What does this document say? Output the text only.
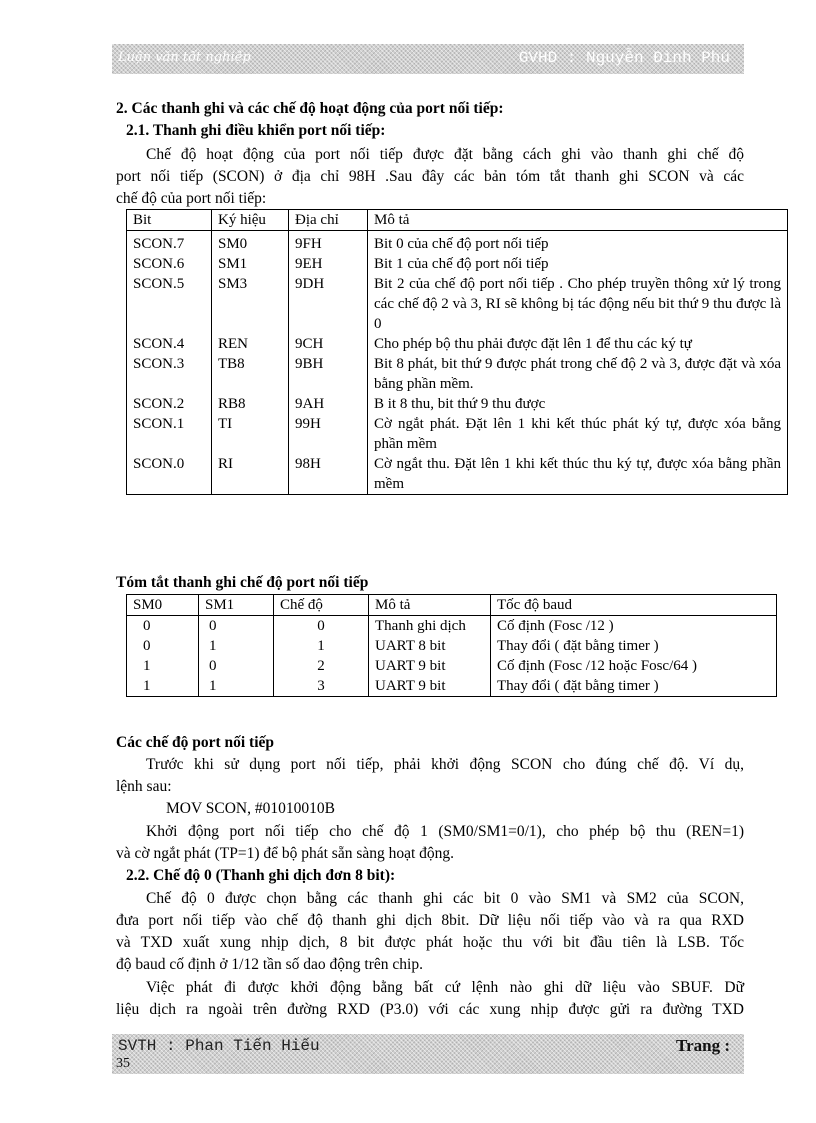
Luận văn tốt nghiệp	GVHD : Nguyễn Đình Phú
2. Các thanh ghi và các chế độ hoạt động của port nối tiếp:
2.1. Thanh ghi điều khiển port nối tiếp:
Chế độ hoạt động của port nối tiếp được đặt bằng cách ghi vào thanh ghi chế độ
port nối tiếp (SCON) ở địa chỉ 98H .Sau đây các bản tóm tắt thanh ghi SCON và các
chế độ của port nối tiếp:
Bit	Ký hiệu	Địa chỉ	Mô tả
SCON.7	SM0	9FH	Bit 0 của chế độ port nối tiếp
SCON.6	SM1	9EH	Bit 1 của chế độ port nối tiếp
SCON.5	SM3	9DH	Bit 2 của chế độ port nối tiếp . Cho phép truyền thông xử lý trong các chế độ 2 và 3, RI sẽ không bị tác động nếu bit thứ 9 thu được là 0
SCON.4	REN	9CH	Cho phép bộ thu phải được đặt lên 1 để thu các ký tự
SCON.3	TB8	9BH	Bit 8 phát, bit thứ 9 được phát trong chế độ 2 và 3, được đặt và xóa bằng phần mềm.
SCON.2	RB8	9AH	B it 8 thu, bit thứ 9 thu được
SCON.1	TI	99H	Cờ ngắt phát. Đặt lên 1 khi kết thúc phát ký tự, được xóa bằng phần mềm
SCON.0	RI	98H	Cờ ngắt thu. Đặt lên 1 khi kết thúc thu ký tự, được xóa bằng phần mềm
Tóm tắt thanh ghi chế độ port nối tiếp
SM0	SM1	Chế độ	Mô tả	Tốc độ baud
0	0	0	Thanh ghi dịch	Cố định (Fosc /12 )
0	1	1	UART 8 bit	Thay đổi ( đặt bằng timer )
1	0	2	UART 9 bit	Cố định (Fosc /12 hoặc Fosc/64 )
1	1	3	UART 9 bit	Thay đổi ( đặt bằng timer )
Các chế độ port nối tiếp
Trước khi sử dụng port nối tiếp, phải khởi động SCON cho đúng chế độ. Ví dụ,
lệnh sau:
MOV SCON, #01010010B
Khởi động port nối tiếp cho chế độ 1 (SM0/SM1=0/1), cho phép bộ thu (REN=1)
và cờ ngắt phát (TP=1) để bộ phát sẵn sàng hoạt động.
2.2. Chế độ 0 (Thanh ghi dịch đơn 8 bit):
Chế độ 0 được chọn bằng các thanh ghi các bit 0 vào SM1 và SM2 của SCON,
đưa port nối tiếp vào chế độ thanh ghi dịch 8bit. Dữ liệu nối tiếp vào và ra qua RXD
và TXD xuất xung nhịp dịch, 8 bit được phát hoặc thu với bit đầu tiên là LSB. Tốc
độ baud cố định ở 1/12 tần số dao động trên chip.
Việc phát đi được khởi động bằng bất cứ lệnh nào ghi dữ liệu vào SBUF. Dữ
liệu dịch ra ngoài trên đường RXD (P3.0) với các xung nhịp được gửi ra đường TXD
SVTH : Phan Tiến Hiếu	Trang :
35
